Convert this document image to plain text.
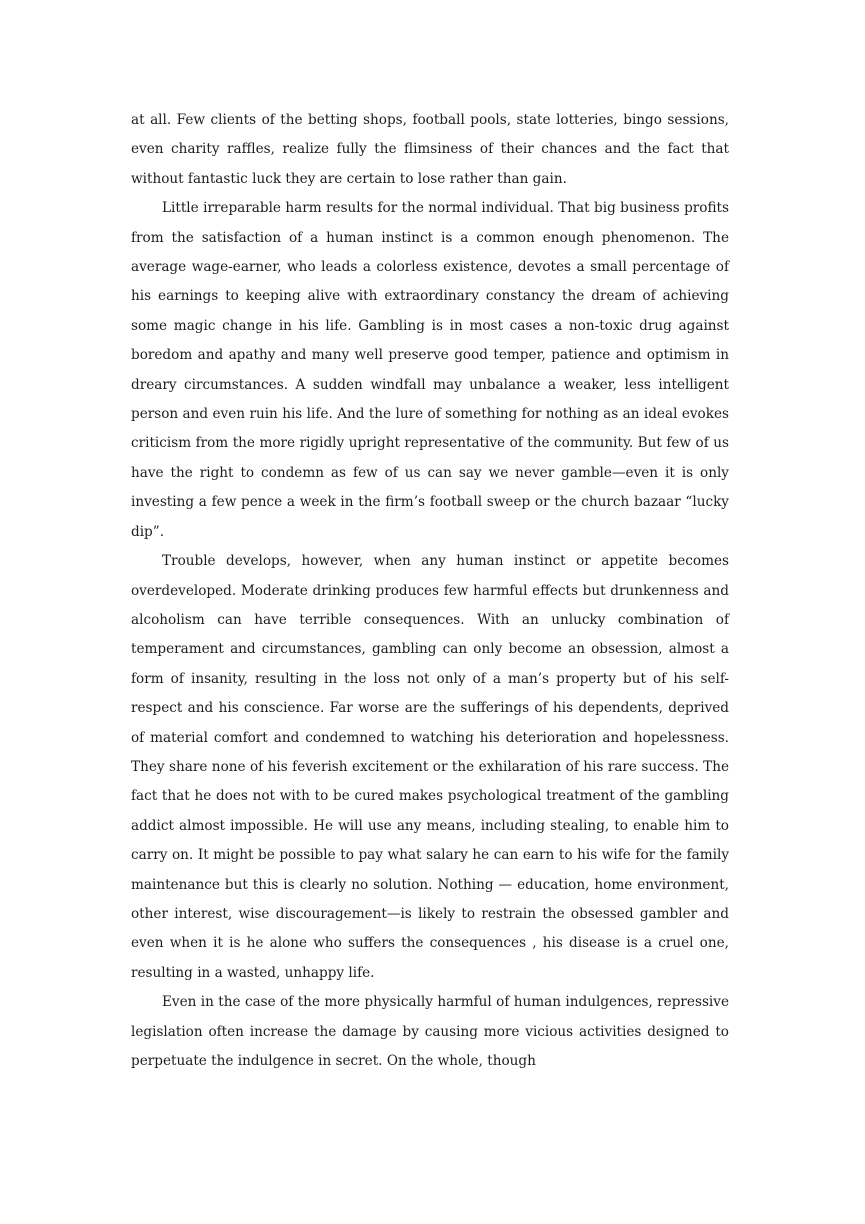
at all. Few clients of the betting shops, football pools, state lotteries, bingo sessions, even charity raffles, realize fully the flimsiness of their chances and the fact that without fantastic luck they are certain to lose rather than gain.

Little irreparable harm results for the normal individual. That big business profits from the satisfaction of a human instinct is a common enough phenomenon. The average wage-earner, who leads a colorless existence, devotes a small percentage of his earnings to keeping alive with extraordinary constancy the dream of achieving some magic change in his life. Gambling is in most cases a non-toxic drug against boredom and apathy and many well preserve good temper, patience and optimism in dreary circumstances. A sudden windfall may unbalance a weaker, less intelligent person and even ruin his life. And the lure of something for nothing as an ideal evokes criticism from the more rigidly upright representative of the community. But few of us have the right to condemn as few of us can say we never gamble—even it is only investing a few pence a week in the firm’s football sweep or the church bazaar “lucky dip”.

Trouble develops, however, when any human instinct or appetite becomes overdeveloped. Moderate drinking produces few harmful effects but drunkenness and alcoholism can have terrible consequences. With an unlucky combination of temperament and circumstances, gambling can only become an obsession, almost a form of insanity, resulting in the loss not only of a man’s property but of his self-respect and his conscience. Far worse are the sufferings of his dependents, deprived of material comfort and condemned to watching his deterioration and hopelessness. They share none of his feverish excitement or the exhilaration of his rare success. The fact that he does not with to be cured makes psychological treatment of the gambling addict almost impossible. He will use any means, including stealing, to enable him to carry on. It might be possible to pay what salary he can earn to his wife for the family maintenance but this is clearly no solution. Nothing — education, home environment, other interest, wise discouragement—is likely to restrain the obsessed gambler and even when it is he alone who suffers the consequences , his disease is a cruel one, resulting in a wasted, unhappy life.

Even in the case of the more physically harmful of human indulgences, repressive legislation often increase the damage by causing more vicious activities designed to perpetuate the indulgence in secret. On the whole, though
